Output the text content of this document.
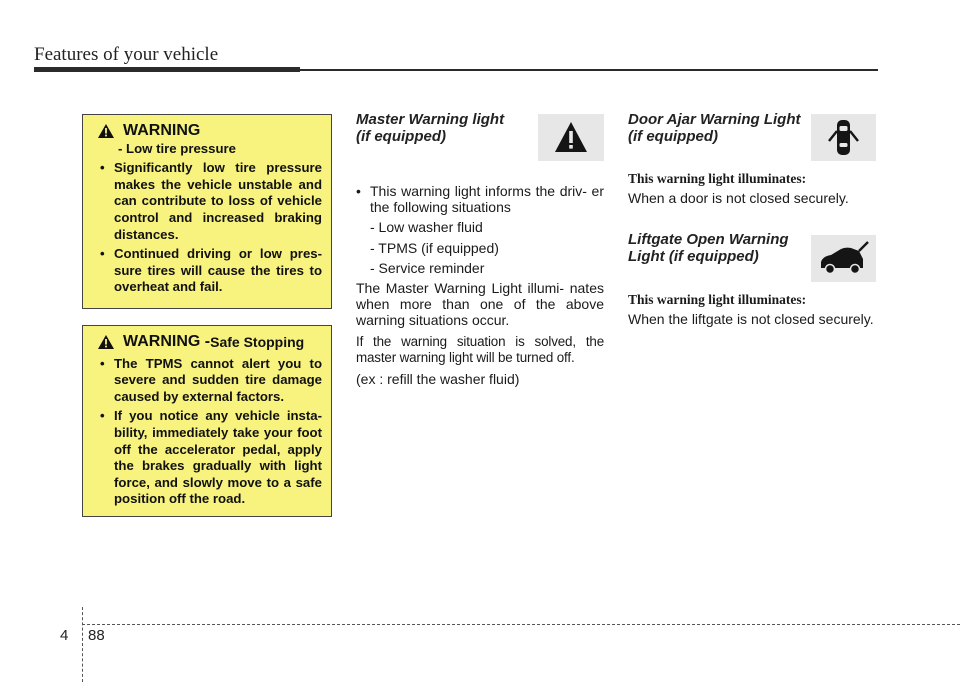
Features of your vehicle
WARNING
- Low tire pressure
• Significantly low tire pressure makes the vehicle unstable and can contribute to loss of vehicle control and increased braking distances.
• Continued driving or low pres- sure tires will cause the tires to overheat and fail.
WARNING - Safe Stopping
• The TPMS cannot alert you to severe and sudden tire damage caused by external factors.
• If you notice any vehicle insta- bility, immediately take your foot off the accelerator pedal, apply the brakes gradually with light force, and slowly move to a safe position off the road.
Master Warning light
(if equipped)

• This warning light informs the driv- er the following situations

- Low washer fluid

- TPMS (if equipped)

- Service reminder

The Master Warning Light illumi- nates when more than one of the above warning situations occur.

If the warning situation is solved, the master warning light will be turned off.

(ex : refill the washer fluid)

Door Ajar Warning Light
(if equipped)

This warning light illuminates:

When a door is not closed securely.

Liftgate Open Warning
Light (if equipped)

This warning light illuminates:

When the liftgate is not closed securely.

4 88
